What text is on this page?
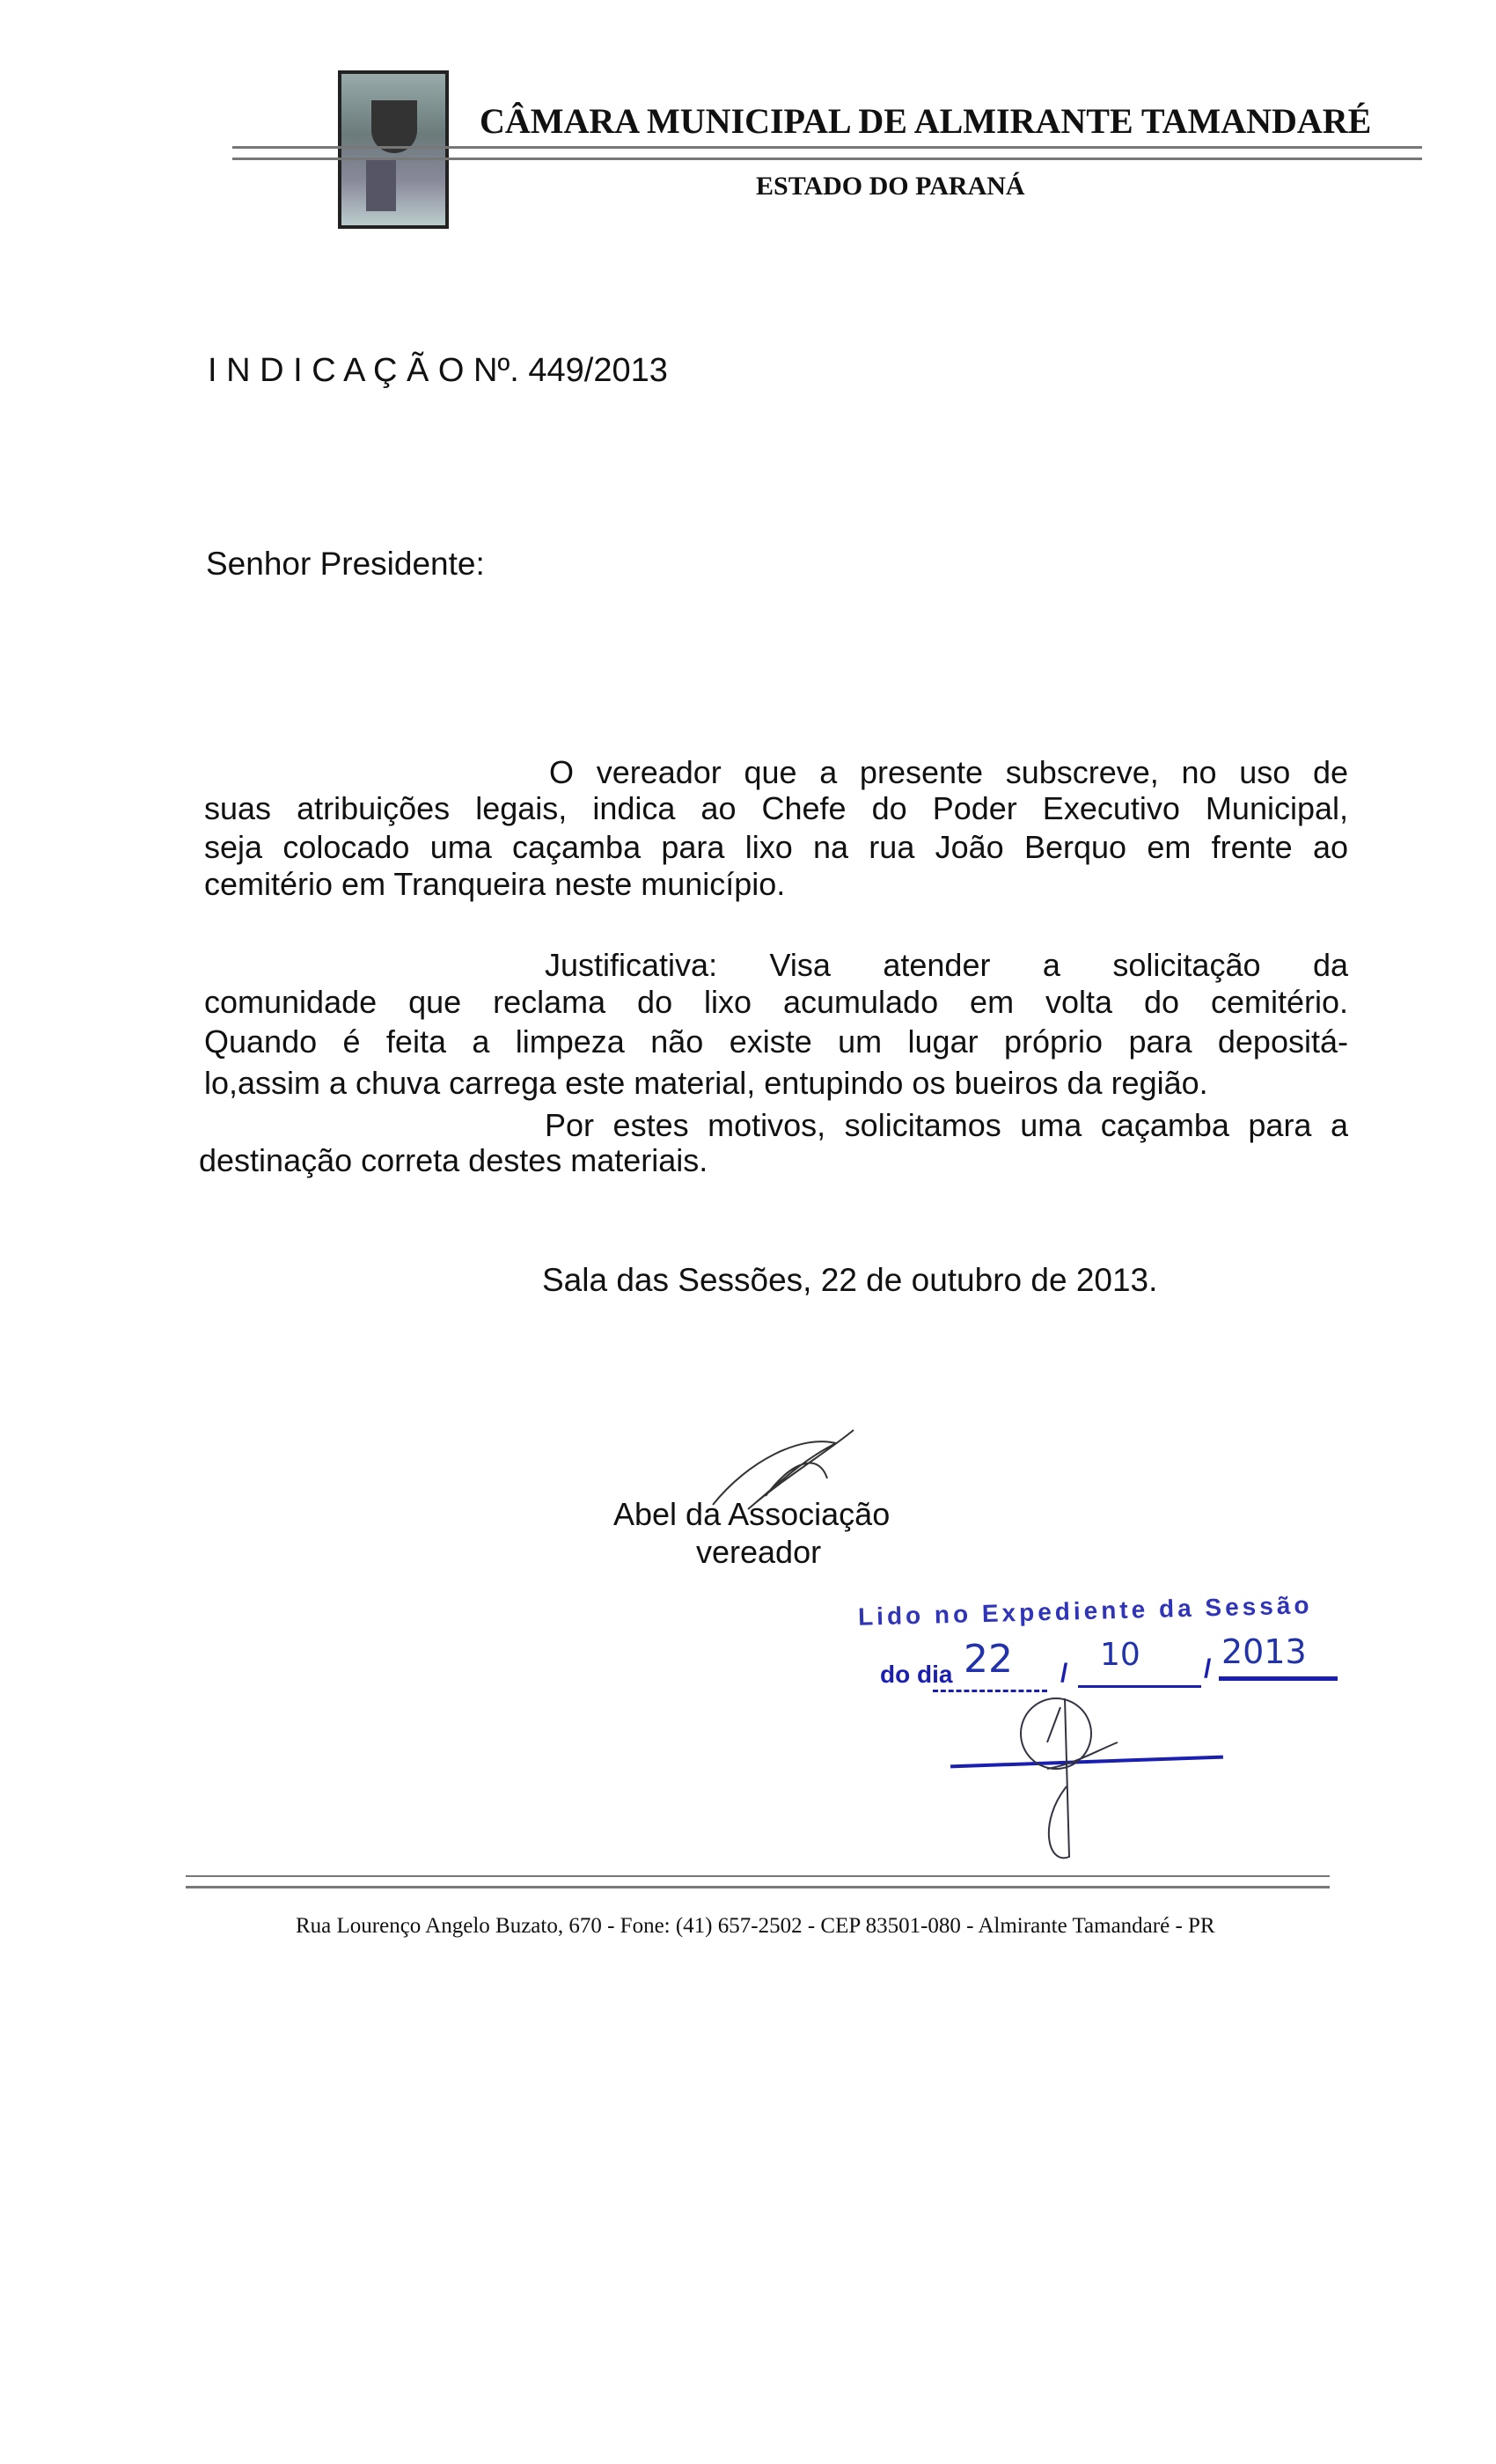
CÂMARA MUNICIPAL DE ALMIRANTE TAMANDARÉ
ESTADO DO PARANÁ
I N D I C A Ç Ã O Nº. 449/2013
Senhor Presidente:
O vereador que a presente subscreve, no uso de
suas atribuições legais, indica ao Chefe do Poder Executivo Municipal,
seja colocado uma caçamba para lixo na rua João Berquo em frente ao
cemitério em Tranqueira neste município.
Justificativa: Visa atender a solicitação da
comunidade que reclama do lixo acumulado em volta do cemitério.
Quando é feita a limpeza não existe um lugar próprio para depositá-
lo,assim a chuva carrega este material, entupindo os bueiros da região.
Por estes motivos, solicitamos uma caçamba para a
destinação correta destes materiais.
Sala das Sessões, 22 de outubro de 2013.
Abel da Associação
vereador
Lido no Expediente da Sessão
do dia 22 /
10 / 2013
Rua Lourenço Angelo Buzato, 670 - Fone: (41) 657-2502 - CEP 83501-080 - Almirante Tamandaré - PR
